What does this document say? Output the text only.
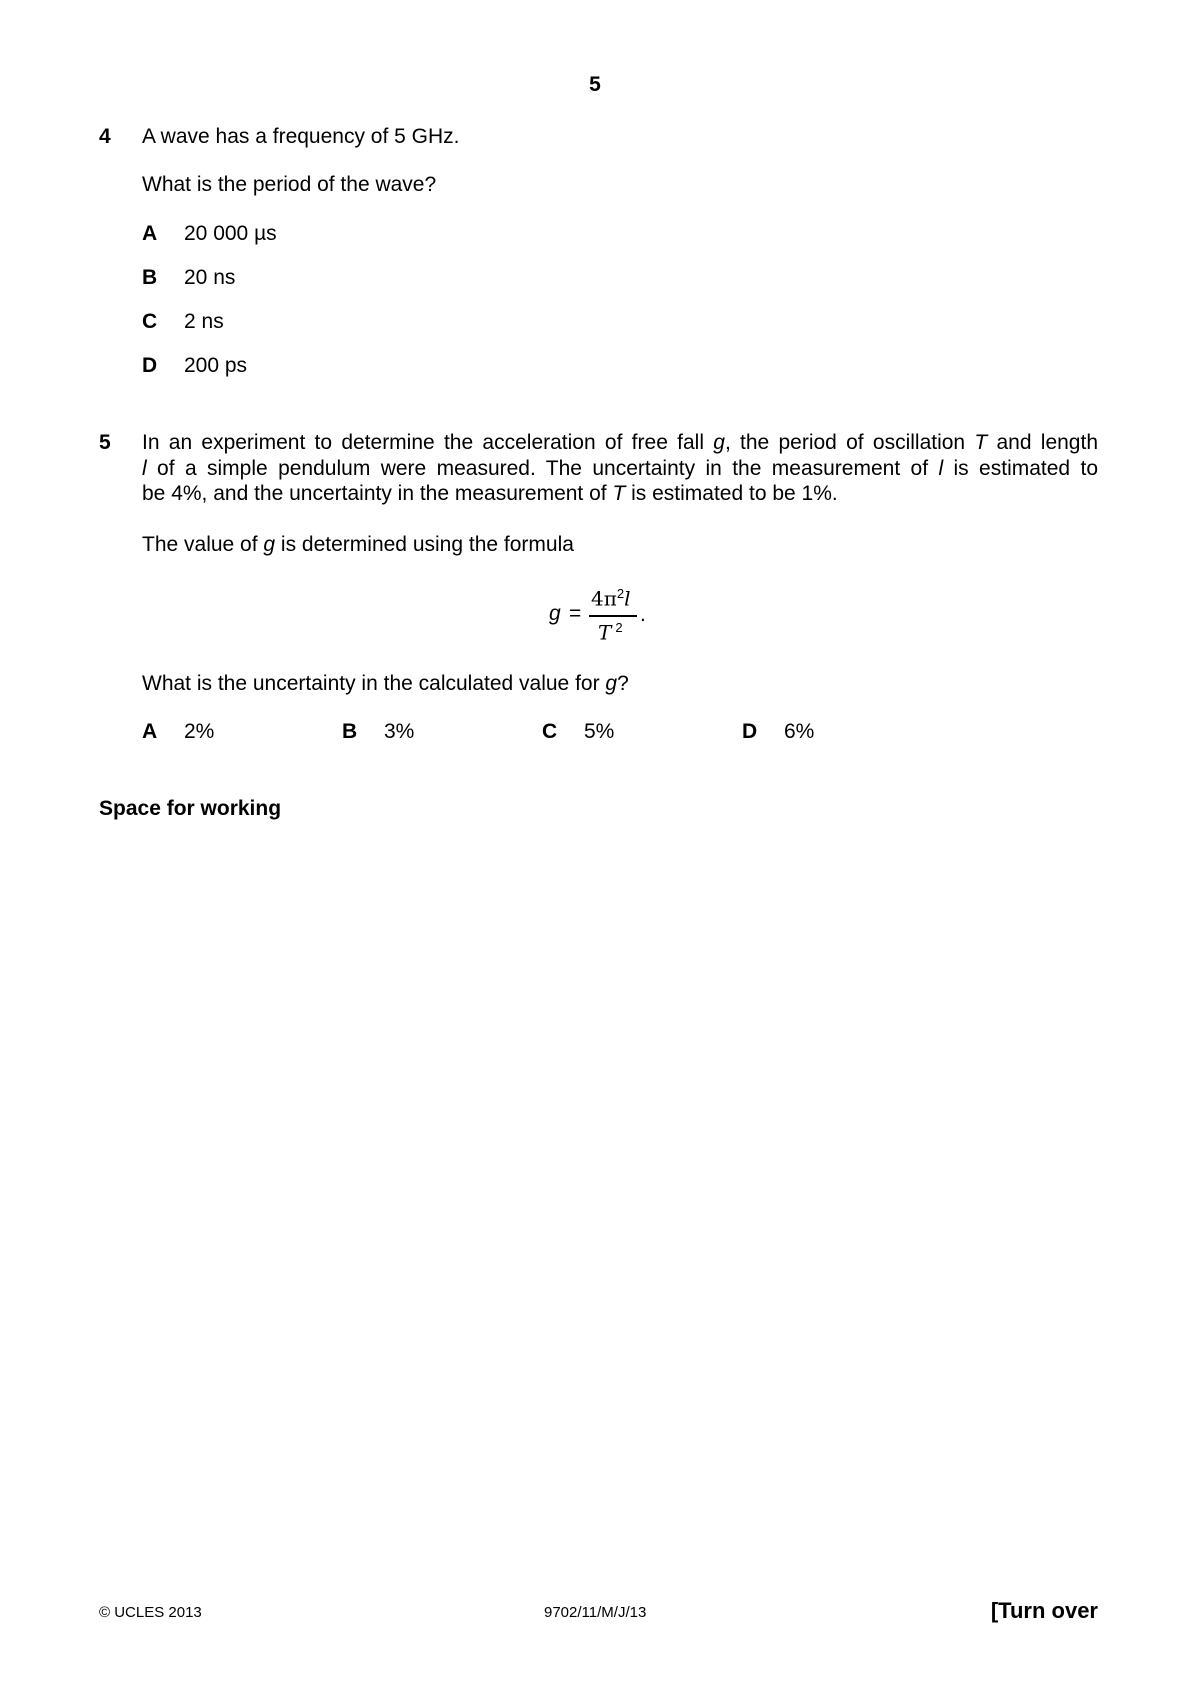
5
4 A wave has a frequency of 5 GHz.
What is the period of the wave?
A 20 000 µs
B 20 ns
C 2 ns
D 200 ps
5 In an experiment to determine the acceleration of free fall g, the period of oscillation T and length
l of a simple pendulum were measured. The uncertainty in the measurement of l is estimated to
be 4%, and the uncertainty in the measurement of T is estimated to be 1%.
The value of g is determined using the formula
g =
$4\pi^2l$
T $^2$
.
What is the uncertainty in the calculated value for g?
A 2%	B 3%	C 5%	D 6%
Space for working
© UCLES 2013	9702/11/M/J/13	[Turn over
